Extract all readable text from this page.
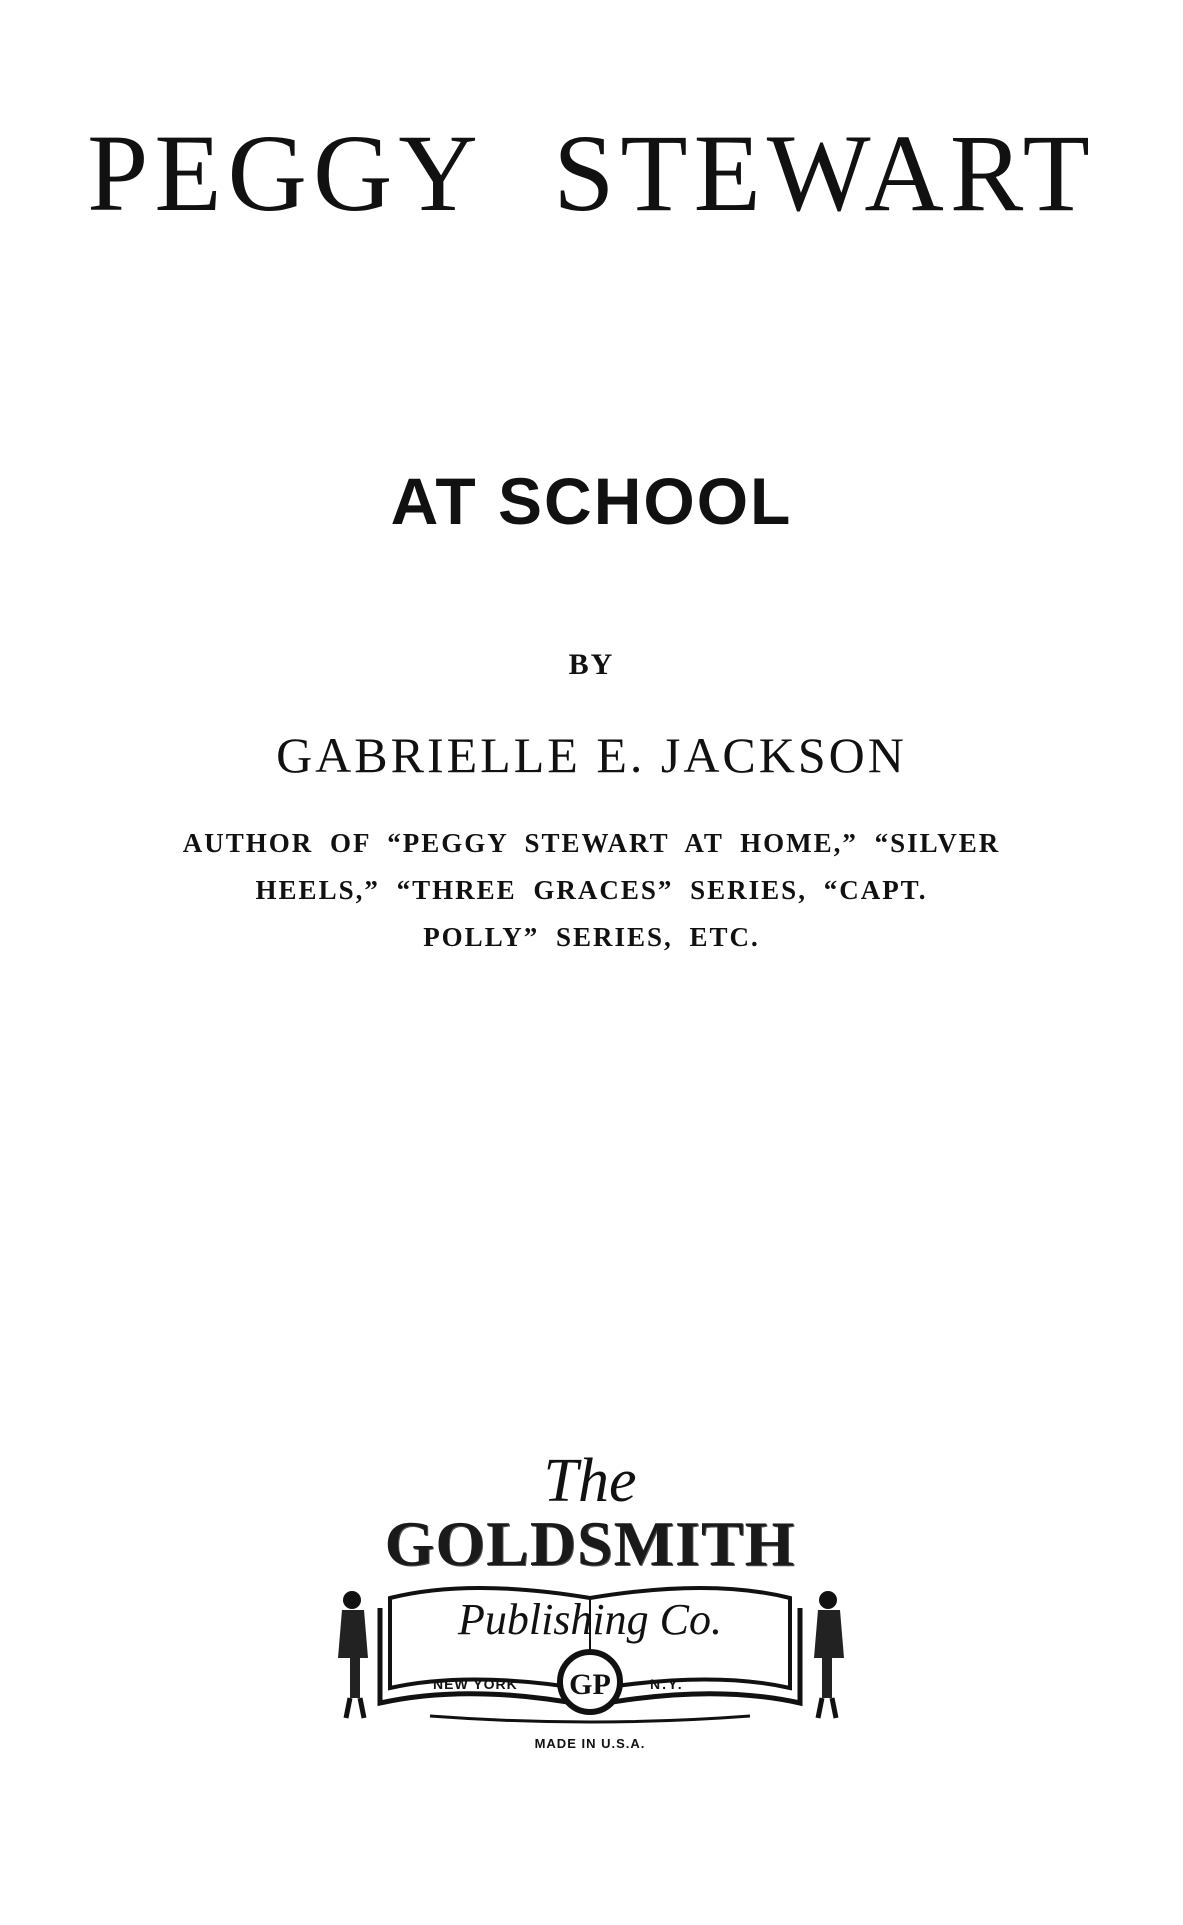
PEGGY STEWART
AT SCHOOL
BY
GABRIELLE E. JACKSON
AUTHOR OF “PEGGY STEWART AT HOME,” “SILVER
HEELS,” “THREE GRACES” SERIES, “CAPT.
POLLY” SERIES, ETC.
The
GOLDSMITH
GP
Publishing Co.
NEW YORK	N.Y.
MADE IN U.S.A.
